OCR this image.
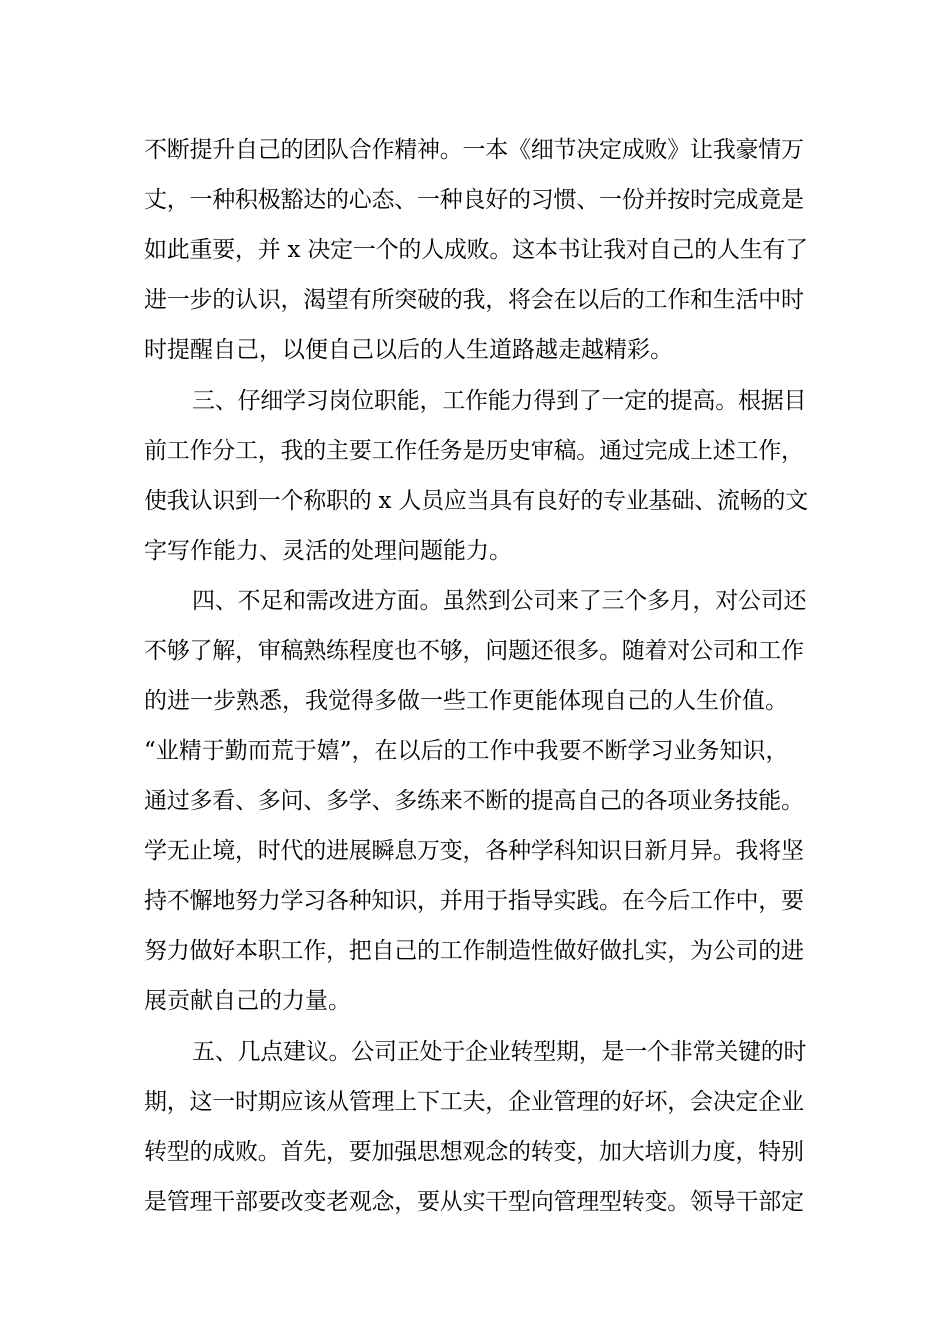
不断提升自己的团队合作精神。一本《细节决定成败》让我豪情万
丈，一种积极豁达的心态、一种良好的习惯、一份并按时完成竟是
如此重要，并 x 决定一个的人成败。这本书让我对自己的人生有了
进一步的认识，渴望有所突破的我，将会在以后的工作和生活中时
时提醒自己，以便自己以后的人生道路越走越精彩。
三、仔细学习岗位职能，工作能力得到了一定的提高。根据目
前工作分工，我的主要工作任务是历史审稿。通过完成上述工作，
使我认识到一个称职的 x 人员应当具有良好的专业基础、流畅的文
字写作能力、灵活的处理问题能力。
四、不足和需改进方面。虽然到公司来了三个多月，对公司还
不够了解，审稿熟练程度也不够，问题还很多。随着对公司和工作
的进一步熟悉，我觉得多做一些工作更能体现自己的人生价值。
“业精于勤而荒于嬉”，在以后的工作中我要不断学习业务知识，
通过多看、多问、多学、多练来不断的提高自己的各项业务技能。
学无止境，时代的进展瞬息万变，各种学科知识日新月异。我将坚
持不懈地努力学习各种知识，并用于指导实践。在今后工作中，要
努力做好本职工作，把自己的工作制造性做好做扎实，为公司的进
展贡献自己的力量。
五、几点建议。公司正处于企业转型期，是一个非常关键的时
期，这一时期应该从管理上下工夫，企业管理的好坏，会决定企业
转型的成败。首先，要加强思想观念的转变，加大培训力度，特别
是管理干部要改变老观念，要从实干型向管理型转变。领导干部定
